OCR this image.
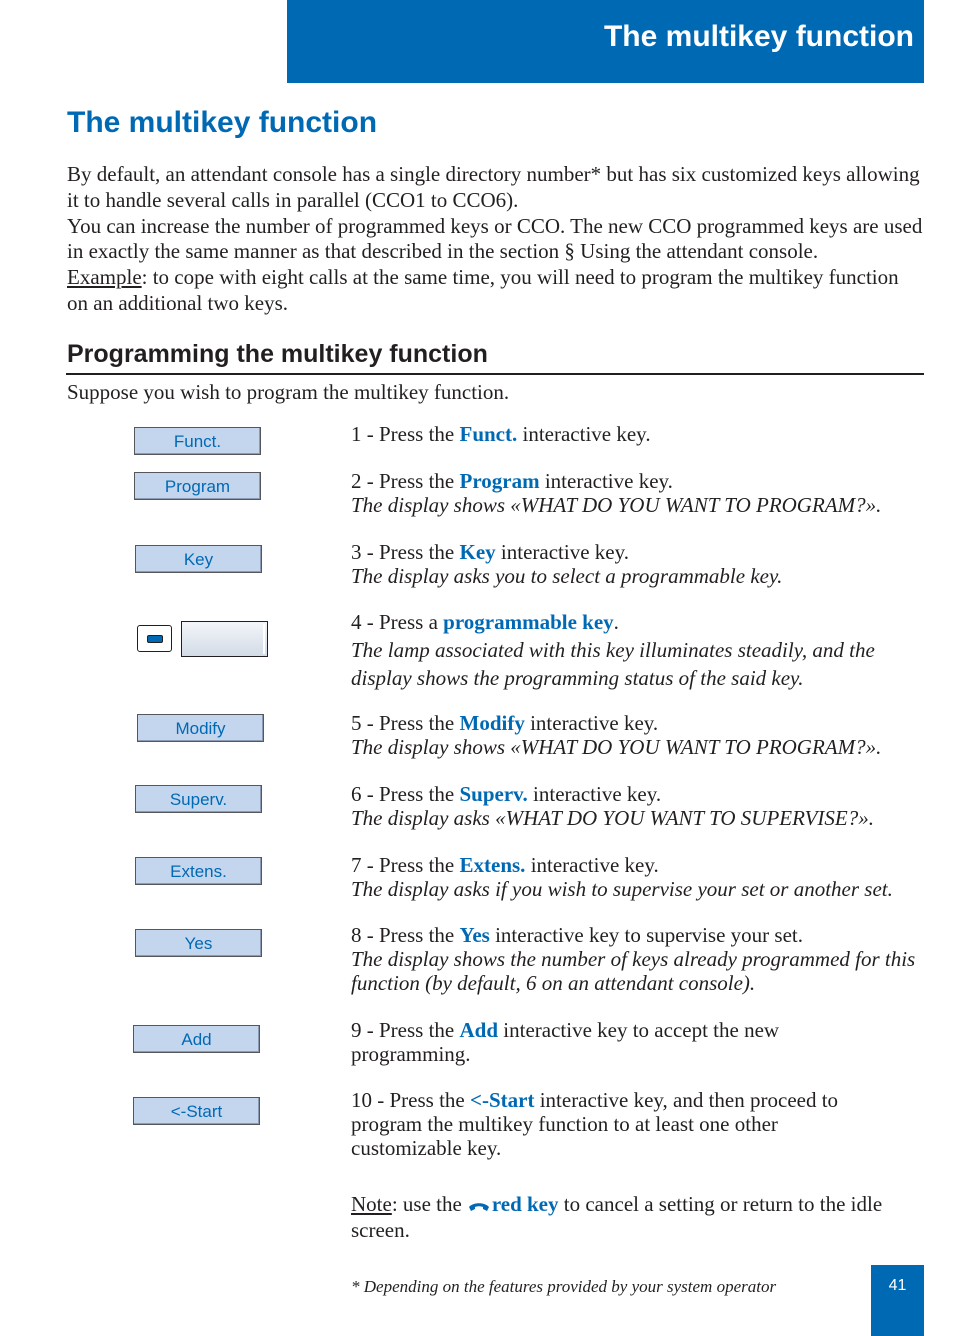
The multikey function
The multikey function

By default, an attendant console has a single directory number* but has six customized keys allowing it to handle several calls in parallel (CCO1 to CCO6).

You can increase the number of programmed keys or CCO. The new CCO programmed keys are used in exactly the same manner as that described in the section § Using the attendant console.

Example: to cope with eight calls at the same time, you will need to program the multikey function on an additional two keys.

Programming the multikey function
Suppose you wish to program the multikey function.
Funct.
Program
Key
Modify
Superv.
Extens.
Yes
Add
<-Start
1 - Press the Funct. interactive key.
2 - Press the Program interactive key.
The display shows «WHAT DO YOU WANT TO PROGRAM?».
3 - Press the Key interactive key.
The display asks you to select a programmable key.
4 - Press a programmable key.
The lamp associated with this key illuminates steadily, and the display shows the programming status of the said key.
5 - Press the Modify interactive key.
The display shows «WHAT DO YOU WANT TO PROGRAM?».
6 - Press the Superv. interactive key.
The display asks «WHAT DO YOU WANT TO SUPERVISE?».
7 - Press the Extens. interactive key.
The display asks if you wish to supervise your set or another set.
8 - Press the Yes interactive key to supervise your set.
The display shows the number of keys already programmed for this function (by default, 6 on an attendant console).
9 - Press the Add interactive key to accept the new programming.
10 - Press the <-Start interactive key, and then proceed to program the multikey function to at least one other customizable key.
Note: use the red key to cancel a setting or return to the idle screen.
* Depending on the features provided by your system operator	41
